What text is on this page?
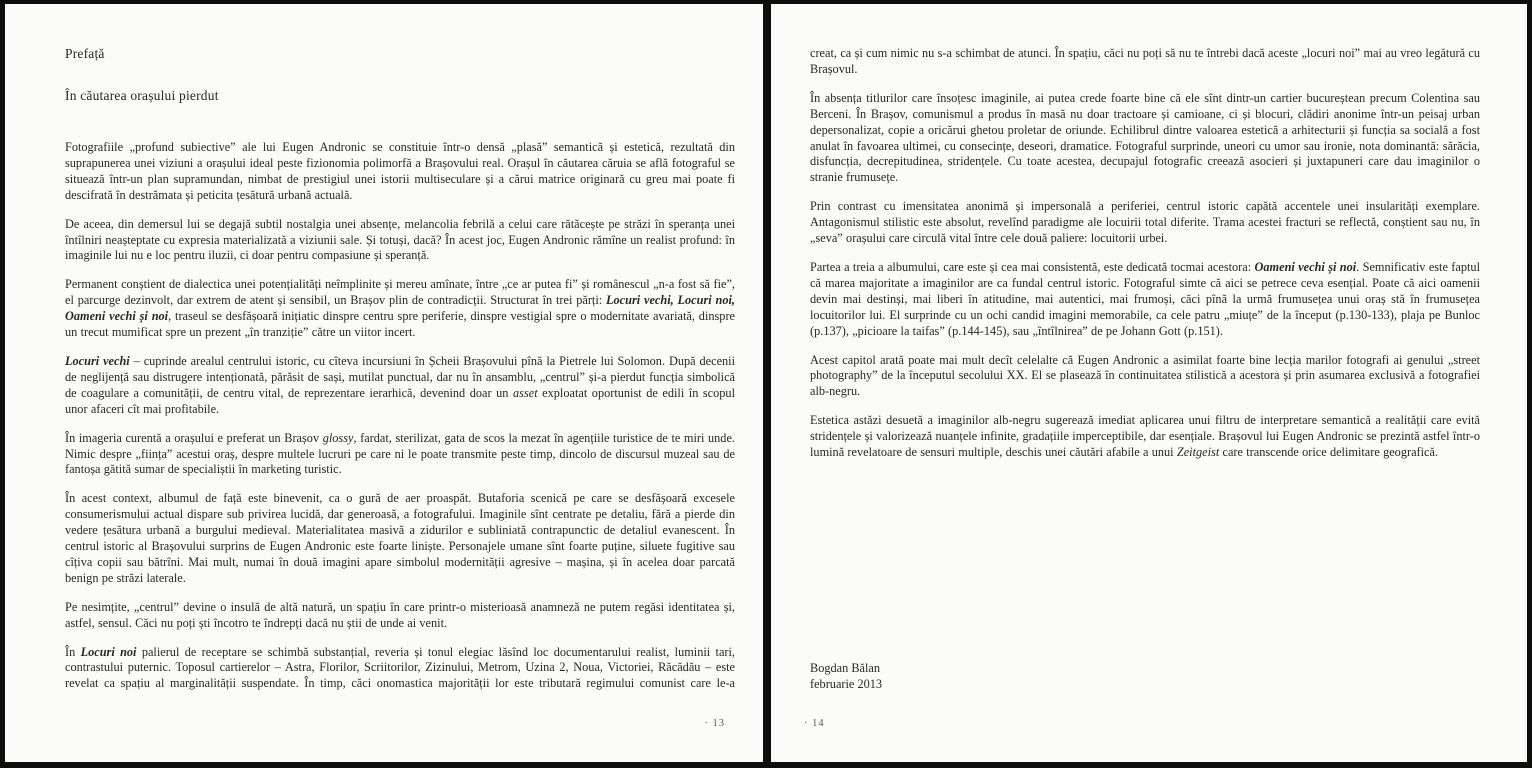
Prefață
În căutarea orașului pierdut

Fotografiile „profund subiective” ale lui Eugen Andronic se constituie într-o densă „plasă” semantică și estetică, rezultată din suprapunerea unei viziuni a orașului ideal peste fizionomia polimorfă a Brașovului real. Orașul în căutarea căruia se află fotograful se situează într-un plan supramundan, nimbat de prestigiul unei istorii multiseculare și a cărui matrice originară cu greu mai poate fi descifrată în destrămata și peticita țesătură urbană actuală.

De aceea, din demersul lui se degajă subtil nostalgia unei absențe, melancolia febrilă a celui care rătăcește pe străzi în speranța unei întîlniri neașteptate cu expresia materializată a viziunii sale. Și totuși, dacă? În acest joc, Eugen Andronic rămîne un realist profund: în imaginile lui nu e loc pentru iluzii, ci doar pentru compasiune și speranță.

Permanent conștient de dialectica unei potențialități neîmplinite și mereu amînate, între „ce ar putea fi” și românescul „n-a fost să fie”, el parcurge dezinvolt, dar extrem de atent și sensibil, un Brașov plin de contradicții. Structurat în trei părți: Locuri vechi, Locuri noi, Oameni vechi și noi, traseul se desfășoară inițiatic dinspre centru spre periferie, dinspre vestigial spre o modernitate avariată, dinspre un trecut mumificat spre un prezent „în tranziție” către un viitor incert.

Locuri vechi – cuprinde arealul centrului istoric, cu cîteva incursiuni în Șcheii Brașovului pînă la Pietrele lui Solomon. După decenii de neglijență sau distrugere intenționată, părăsit de sași, mutilat punctual, dar nu în ansamblu, „centrul” și-a pierdut funcția simbolică de coagulare a comunității, de centru vital, de reprezentare ierarhică, devenind doar un asset exploatat oportunist de edili în scopul unor afaceri cît mai profitabile.

În imageria curentă a orașului e preferat un Brașov glossy, fardat, sterilizat, gata de scos la mezat în agențiile turistice de te miri unde. Nimic despre „ființa” acestui oraș, despre multele lucruri pe care ni le poate transmite peste timp, dincolo de discursul muzeal sau de fantoșa gătită sumar de specialiștii în marketing turistic.

În acest context, albumul de față este binevenit, ca o gură de aer proaspăt. Butaforia scenică pe care se desfășoară excesele consumerismului actual dispare sub privirea lucidă, dar generoasă, a fotografului. Imaginile sînt centrate pe detaliu, fără a pierde din vedere țesătura urbană a burgului medieval. Materialitatea masivă a zidurilor e subliniată contrapunctic de detaliul evanescent. În centrul istoric al Brașovului surprins de Eugen Andronic este foarte liniște. Personajele umane sînt foarte puține, siluete fugitive sau cîțiva copii sau bătrîni. Mai mult, numai în două imagini apare simbolul modernității agresive – mașina, și în acelea doar parcată benign pe străzi laterale.

Pe nesimțite, „centrul” devine o insulă de altă natură, un spațiu în care printr-o misterioasă anamneză ne putem regăsi identitatea și, astfel, sensul. Căci nu poți ști încotro te îndrepți dacă nu știi de unde ai venit.

În Locuri noi palierul de receptare se schimbă substanțial, reveria și tonul elegiac lăsînd loc documentarului realist, luminii tari, contrastului puternic. Toposul cartierelor – Astra, Florilor, Scriitorilor, Zizinului, Metrom, Uzina 2, Noua, Victoriei, Răcădău – este revelat ca spațiu al marginalității suspendate. În timp, căci onomastica majorității lor este tributară regimului comunist care le-a

· 13

creat, ca și cum nimic nu s-a schimbat de atunci. În spațiu, căci nu poți să nu te întrebi dacă aceste „locuri noi” mai au vreo legătură cu Brașovul.

În absența titlurilor care însoțesc imaginile, ai putea crede foarte bine că ele sînt dintr-un cartier bucureștean precum Colentina sau Berceni. În Brașov, comunismul a produs în masă nu doar tractoare și camioane, ci și blocuri, clădiri anonime într-un peisaj urban depersonalizat, copie a oricărui ghetou proletar de oriunde. Echilibrul dintre valoarea estetică a arhitecturii și funcția sa socială a fost anulat în favoarea ultimei, cu consecințe, deseori, dramatice. Fotograful surprinde, uneori cu umor sau ironie, nota dominantă: sărăcia, disfuncția, decrepitudinea, stridențele. Cu toate acestea, decupajul fotografic creează asocieri și juxtapuneri care dau imaginilor o stranie frumusețe.

Prin contrast cu imensitatea anonimă și impersonală a periferiei, centrul istoric capătă accentele unei insularități exemplare. Antagonismul stilistic este absolut, revelînd paradigme ale locuirii total diferite. Trama acestei fracturi se reflectă, conștient sau nu, în „seva” orașului care circulă vital între cele două paliere: locuitorii urbei.

Partea a treia a albumului, care este și cea mai consistentă, este dedicată tocmai acestora: Oameni vechi și noi. Semnificativ este faptul că marea majoritate a imaginilor are ca fundal centrul istoric. Fotograful simte că aici se petrece ceva esențial. Poate că aici oamenii devin mai destinși, mai liberi în atitudine, mai autentici, mai frumoși, căci pînă la urmă frumusețea unui oraș stă în frumusețea locuitorilor lui. El surprinde cu un ochi candid imagini memorabile, ca cele patru „miuțe” de la început (p.130-133), plaja pe Bunloc (p.137), „picioare la taifas” (p.144-145), sau „întîlnirea” de pe Johann Gott (p.151).

Acest capitol arată poate mai mult decît celelalte că Eugen Andronic a asimilat foarte bine lecția marilor fotografi ai genului „street photography” de la începutul secolului XX. El se plasează în continuitatea stilistică a acestora și prin asumarea exclusivă a fotografiei alb-negru.

Estetica astăzi desuetă a imaginilor alb-negru sugerează imediat aplicarea unui filtru de interpretare semantică a realității care evită stridențele și valorizează nuanțele infinite, gradațiile imperceptibile, dar esențiale. Brașovul lui Eugen Andronic se prezintă astfel într-o lumină revelatoare de sensuri multiple, deschis unei căutări afabile a unui Zeitgeist care transcende orice delimitare geografică.

Bogdan Bălan
februarie 2013
· 14
